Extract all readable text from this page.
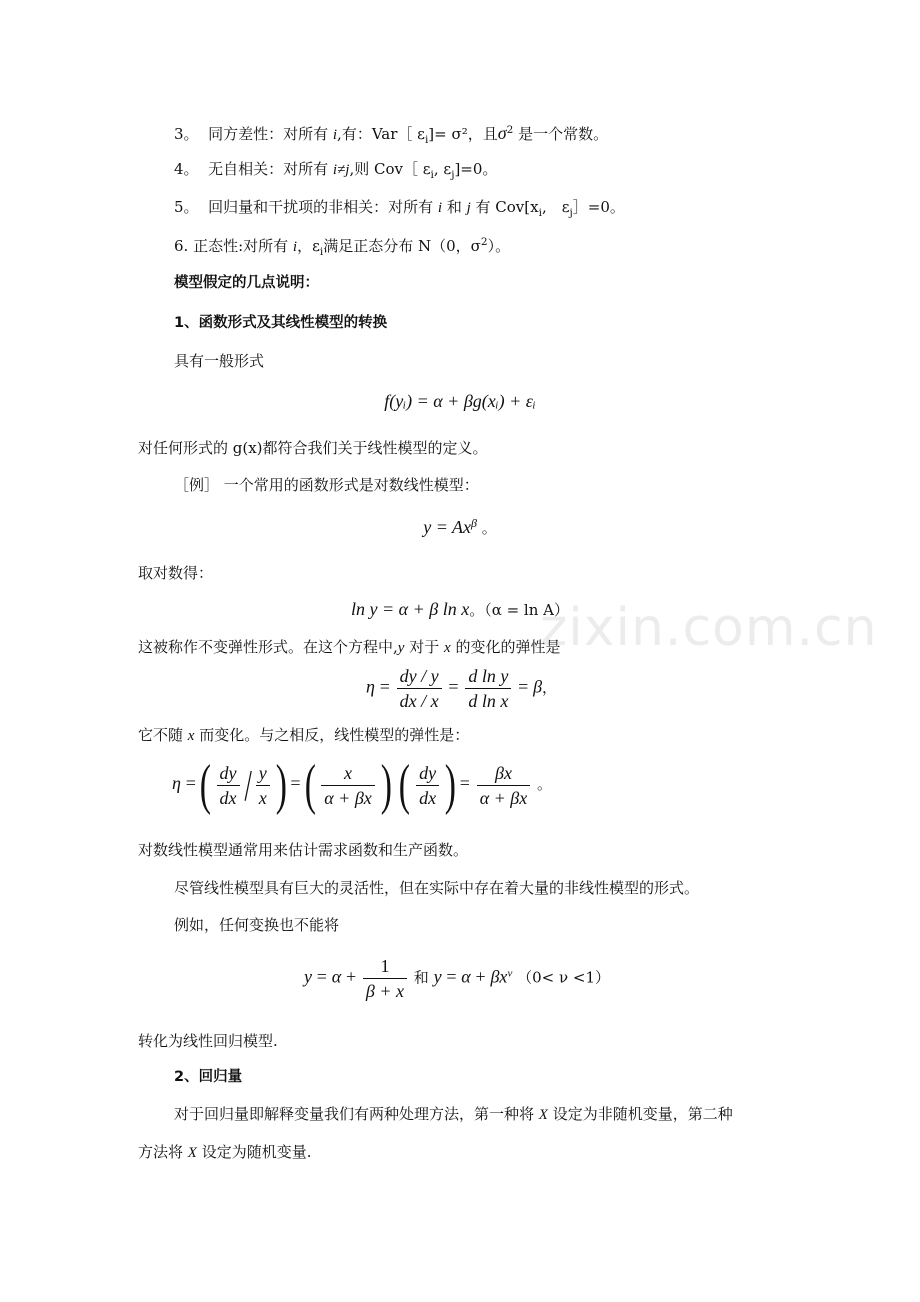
3。 同方差性：对所有 i,有：Var［ $\varepsilon_i]= \sigma^2$，且$\sigma^2$ 是一个常数。
4。 无自相关：对所有 i≠j,则 Cov［ $\varepsilon_i$, $\varepsilon_j]=0$。
5。 回归量和干扰项的非相关：对所有 i 和 j 有 $Cov[x_i$,　$\varepsilon_j]=0$。
6. 正态性:对所有 i，$\varepsilon_i$满足正态分布 N（0，$\sigma^2$）。
模型假定的几点说明：
1、函数形式及其线性模型的转换
具有一般形式
f(yᵢ) = α + βg(xᵢ) + εᵢ
对任何形式的 g(x)都符合我们关于线性模型的定义。
［例］ 一个常用的函数形式是对数线性模型：
$y = Ax^\beta$ 。
取对数得：
ln y = α + β ln x。（α = ln A）
这被称作不变弹性形式。在这个方程中,y 对于 x 的变化的弹性是
$\eta = \frac{dy / y}{dx / x} = \frac{\text{d ln y}}{\text{d ln x}} = \beta$，
它不随 x 而变化。与之相反，线性模型的弹性是：
η =( $\frac{dy}{dx} / \frac{y}{x}$ ) =( $\frac{x}{\alpha + \beta x}$ ) ( $\frac{dy}{dx}$ ) = $\frac{\beta x}{\alpha + \beta x}$ 。
对数线性模型通常用来估计需求函数和生产函数。
尽管线性模型具有巨大的灵活性，但在实际中存在着大量的非线性模型的形式。
例如，任何变换也不能将
$y = \alpha + \frac{1}{\beta + x}$ 和 $y = \alpha + \beta x^\nu$ （0< ν <1）
转化为线性回归模型.
2、回归量
对于回归量即解释变量我们有两种处理方法，第一种将 X 设定为非随机变量，第二种
方法将 X 设定为随机变量.
zixin.com.cn
